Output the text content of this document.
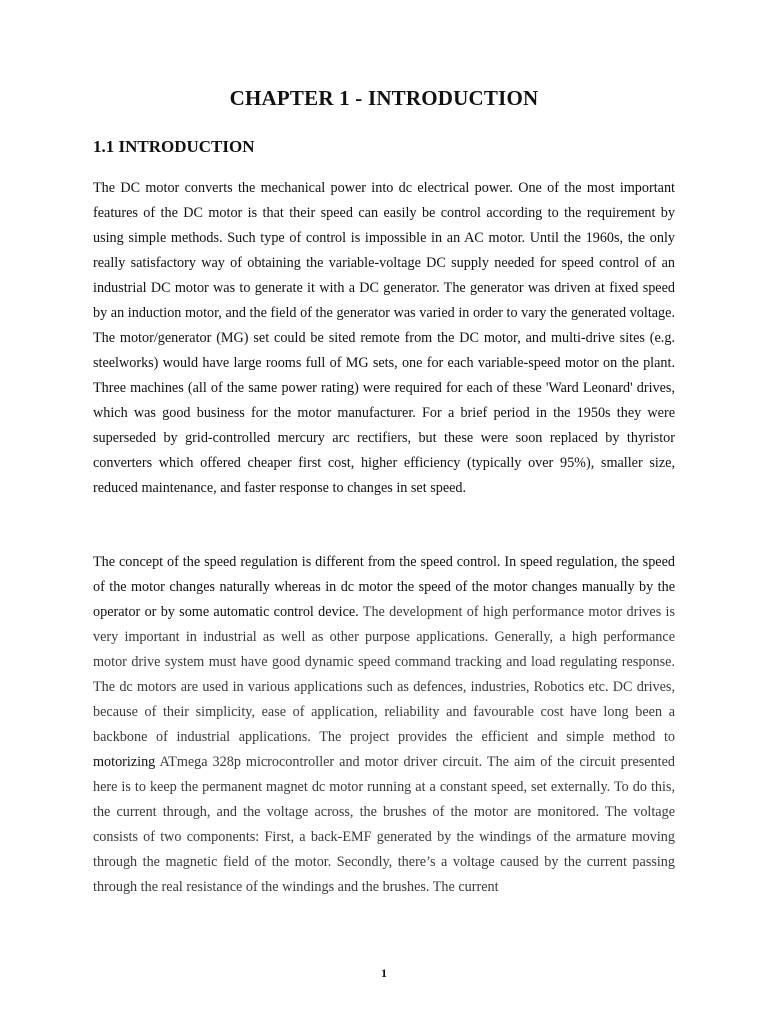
CHAPTER 1 - INTRODUCTION
1.1 INTRODUCTION

The DC motor converts the mechanical power into dc electrical power. One of the most important features of the DC motor is that their speed can easily be control according to the requirement by using simple methods. Such type of control is impossible in an AC motor. Until the 1960s, the only really satisfactory way of obtaining the variable-voltage DC supply needed for speed control of an industrial DC motor was to generate it with a DC generator. The generator was driven at fixed speed by an induction motor, and the field of the generator was varied in order to vary the generated voltage. The motor/generator (MG) set could be sited remote from the DC motor, and multi-drive sites (e.g. steelworks) would have large rooms full of MG sets, one for each variable-speed motor on the plant. Three machines (all of the same power rating) were required for each of these 'Ward Leonard' drives, which was good business for the motor manufacturer. For a brief period in the 1950s they were superseded by grid-controlled mercury arc rectifiers, but these were soon replaced by thyristor converters which offered cheaper first cost, higher efficiency (typically over 95%), smaller size, reduced maintenance, and faster response to changes in set speed.

The concept of the speed regulation is different from the speed control. In speed regulation, the speed of the motor changes naturally whereas in dc motor the speed of the motor changes manually by the operator or by some automatic control device. The development of high performance motor drives is very important in industrial as well as other purpose applications. Generally, a high performance motor drive system must have good dynamic speed command tracking and load regulating response. The dc motors are used in various applications such as defences, industries, Robotics etc. DC drives, because of their simplicity, ease of application, reliability and favourable cost have long been a backbone of industrial applications. The project provides the efficient and simple method to motorizing ATmega 328p microcontroller and motor driver circuit. The aim of the circuit presented here is to keep the permanent magnet dc motor running at a constant speed, set externally. To do this, the current through, and the voltage across, the brushes of the motor are monitored. The voltage consists of two components: First, a back-EMF generated by the windings of the armature moving through the magnetic field of the motor. Secondly, there’s a voltage caused by the current passing through the real resistance of the windings and the brushes. The current

1
